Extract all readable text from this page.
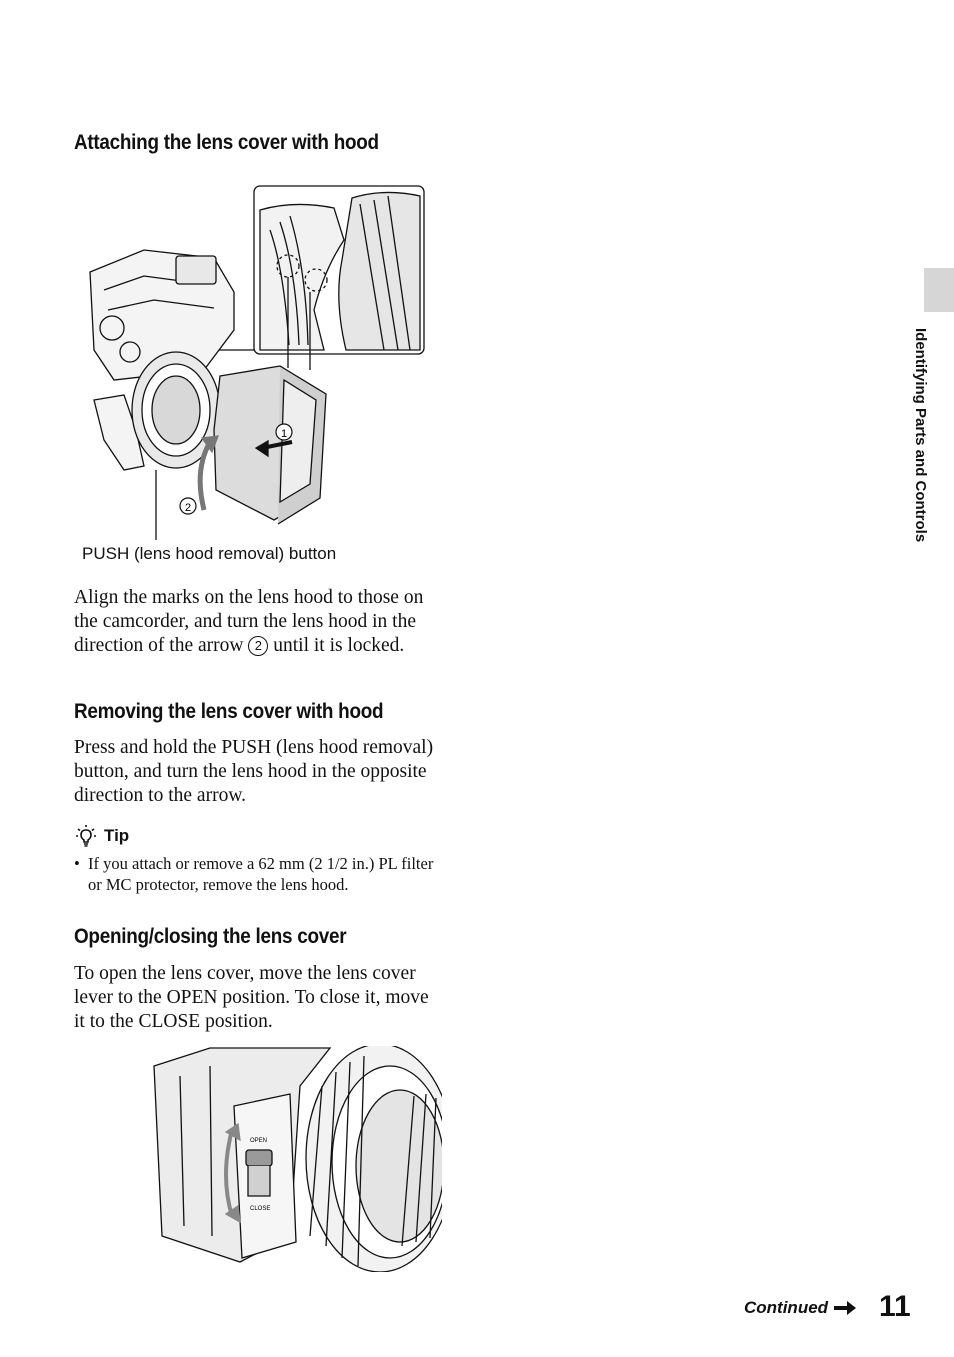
Attaching the lens cover with hood
1
2

PUSH (lens hood removal) button

Align the marks on the lens hood to those on the camcorder, and turn the lens hood in the direction of the arrow 2 until it is locked.

Removing the lens cover with hood

Press and hold the PUSH (lens hood removal) button, and turn the lens hood in the opposite direction to the arrow.

Tip
• If you attach or remove a 62 mm (2 1/2 in.) PL filter or MC protector, remove the lens hood.
Opening/closing the lens cover

To open the lens cover, move the lens cover lever to the OPEN position. To close it, move it to the CLOSE position.

OPEN
CLOSE
Identifying Parts and Controls
Continued 11
